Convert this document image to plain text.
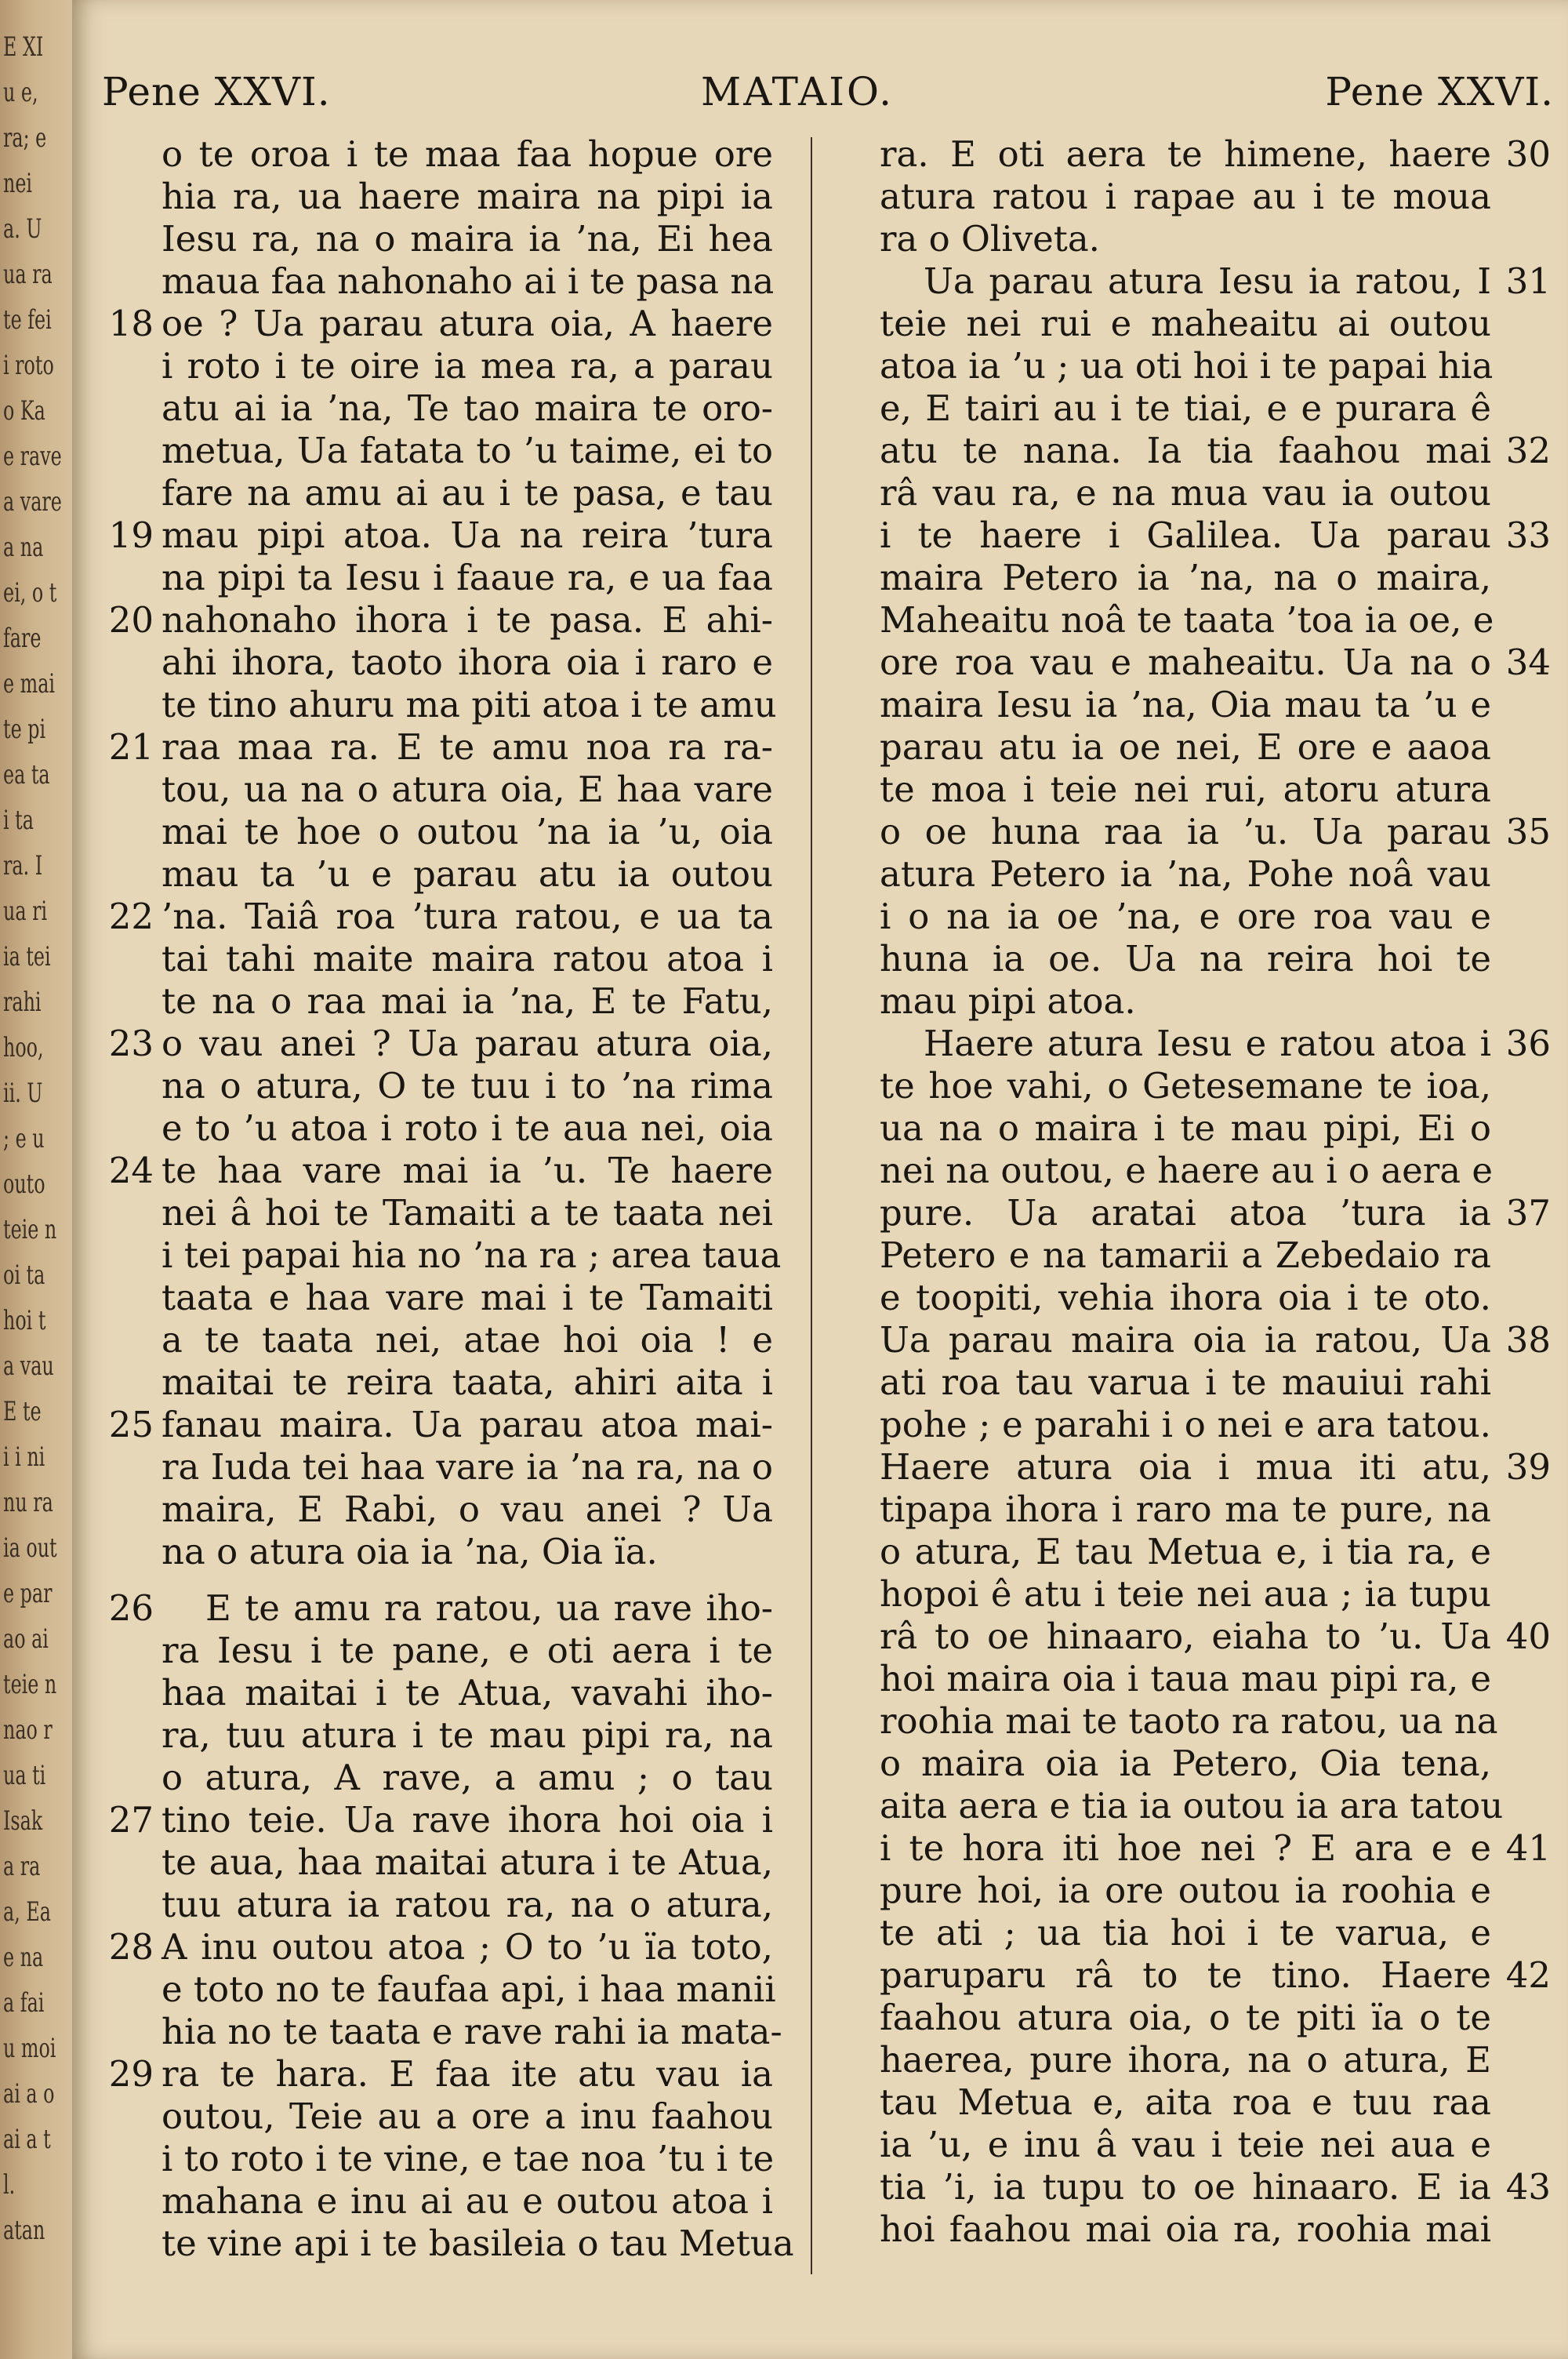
E XI
u e,
ra; e
nei
a. U
ua ra
te fei
i roto
o Ka
e rave
a vare
a na
ei, o t
fare
e mai
te pi
ea ta
i ta
ra. I
ua ri
ia tei
rahi
hoo,
ii. U
; e u
outo
teie n
oi ta
hoi t
a vau
E te
i i ni
nu ra
ia out
e par
ao ai
teie n
nao r
ua ti
Isak
a ra
a, Ea
e na
a fai
u moi
ai a o
ai a t
l.
atan
Pene XXVI.	MATAIO.	Pene XXVI.
o te oroa i te maa faa hopue ore
hia ra, ua haere maira na pipi ia
Iesu ra, na o maira ia ’na, Ei hea
maua faa nahonaho ai i te pasa na
oe ? Ua parau atura oia, A haere
18
i roto i te oire ia mea ra, a parau
atu ai ia ’na, Te tao maira te oro-
metua, Ua fatata to ’u taime, ei to
fare na amu ai au i te pasa, e tau
mau pipi atoa. Ua na reira ’tura
19
na pipi ta Iesu i faaue ra, e ua faa
nahonaho ihora i te pasa. E ahi-
20
ahi ihora, taoto ihora oia i raro e
te tino ahuru ma piti atoa i te amu
raa maa ra. E te amu noa ra ra-
21
tou, ua na o atura oia, E haa vare
mai te hoe o outou ’na ia ’u, oia
mau ta ’u e parau atu ia outou
’na. Taiâ roa ’tura ratou, e ua ta
22
tai tahi maite maira ratou atoa i
te na o raa mai ia ’na, E te Fatu,
o vau anei ? Ua parau atura oia,
23
na o atura, O te tuu i to ’na rima
e to ’u atoa i roto i te aua nei, oia
te haa vare mai ia ’u. Te haere
24
nei â hoi te Tamaiti a te taata nei
i tei papai hia no ’na ra ; area taua
taata e haa vare mai i te Tamaiti
a te taata nei, atae hoi oia ! e
maitai te reira taata, ahiri aita i
fanau maira. Ua parau atoa mai-
25
ra Iuda tei haa vare ia ’na ra, na o
maira, E Rabi, o vau anei ? Ua
na o atura oia ia ’na, Oia ïa.
E te amu ra ratou, ua rave iho-
26
ra Iesu i te pane, e oti aera i te
haa maitai i te Atua, vavahi iho-
ra, tuu atura i te mau pipi ra, na
o atura, A rave, a amu ; o tau
tino teie. Ua rave ihora hoi oia i
27
te aua, haa maitai atura i te Atua,
tuu atura ia ratou ra, na o atura,
A inu outou atoa ; O to ’u ïa toto,
28
e toto no te faufaa api, i haa manii
hia no te taata e rave rahi ia mata-
ra te hara. E faa ite atu vau ia
29
outou, Teie au a ore a inu faahou
i to roto i te vine, e tae noa ’tu i te
mahana e inu ai au e outou atoa i
te vine api i te basileia o tau Metua
ra. E oti aera te himene, haere 30
atura ratou i rapae au i te moua
ra o Oliveta.
Ua parau atura Iesu ia ratou, I 31
teie nei rui e maheaitu ai outou
atoa ia ’u ; ua oti hoi i te papai hia
e, E tairi au i te tiai, e e purara ê
atu te nana. Ia tia faahou mai 32
râ vau ra, e na mua vau ia outou
i te haere i Galilea. Ua parau 33
maira Petero ia ’na, na o maira,
Maheaitu noâ te taata ’toa ia oe, e
ore roa vau e maheaitu. Ua na o 34
maira Iesu ia ’na, Oia mau ta ’u e
parau atu ia oe nei, E ore e aaoa
te moa i teie nei rui, atoru atura
o oe huna raa ia ’u. Ua parau 35
atura Petero ia ’na, Pohe noâ vau
i o na ia oe ’na, e ore roa vau e
huna ia oe. Ua na reira hoi te
mau pipi atoa.
Haere atura Iesu e ratou atoa i 36
te hoe vahi, o Getesemane te ioa,
ua na o maira i te mau pipi, Ei o
nei na outou, e haere au i o aera e
pure. Ua aratai atoa ’tura ia 37
Petero e na tamarii a Zebedaio ra
e toopiti, vehia ihora oia i te oto.
Ua parau maira oia ia ratou, Ua 38
ati roa tau varua i te mauiui rahi
pohe ; e parahi i o nei e ara tatou.
Haere atura oia i mua iti atu, 39
tipapa ihora i raro ma te pure, na
o atura, E tau Metua e, i tia ra, e
hopoi ê atu i teie nei aua ; ia tupu
râ to oe hinaaro, eiaha to ’u. Ua 40
hoi maira oia i taua mau pipi ra, e
roohia mai te taoto ra ratou, ua na
o maira oia ia Petero, Oia tena,
aita aera e tia ia outou ia ara tatou
i te hora iti hoe nei ? E ara e e 41
pure hoi, ia ore outou ia roohia e
te ati ; ua tia hoi i te varua, e
paruparu râ to te tino. Haere 42
faahou atura oia, o te piti ïa o te
haerea, pure ihora, na o atura, E
tau Metua e, aita roa e tuu raa
ia ’u, e inu â vau i teie nei aua e
tia ’i, ia tupu to oe hinaaro. E ia 43
hoi faahou mai oia ra, roohia mai
